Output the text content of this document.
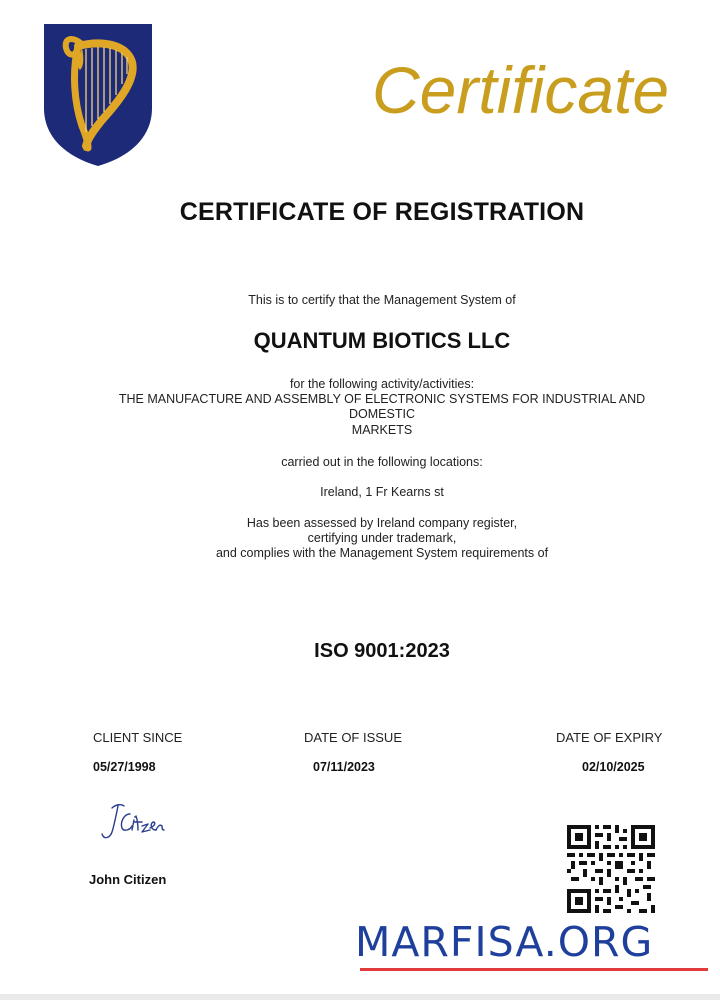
Certificate
CERTIFICATE OF REGISTRATION
This is to certify that the Management System of
QUANTUM BIOTICS LLC
for the following activity/activities:
THE MANUFACTURE AND ASSEMBLY OF ELECTRONIC SYSTEMS FOR INDUSTRIAL AND
DOMESTIC
MARKETS
carried out in the following locations:
Ireland, 1 Fr Kearns st
Has been assessed by Ireland company register,
certifying under trademark,
and complies with the Management System requirements of
ISO 9001:2023
CLIENT SINCE
05/27/1998
DATE OF ISSUE
07/11/2023
DATE OF EXPIRY
02/10/2025
John Citizen
MARFISA.ORG
